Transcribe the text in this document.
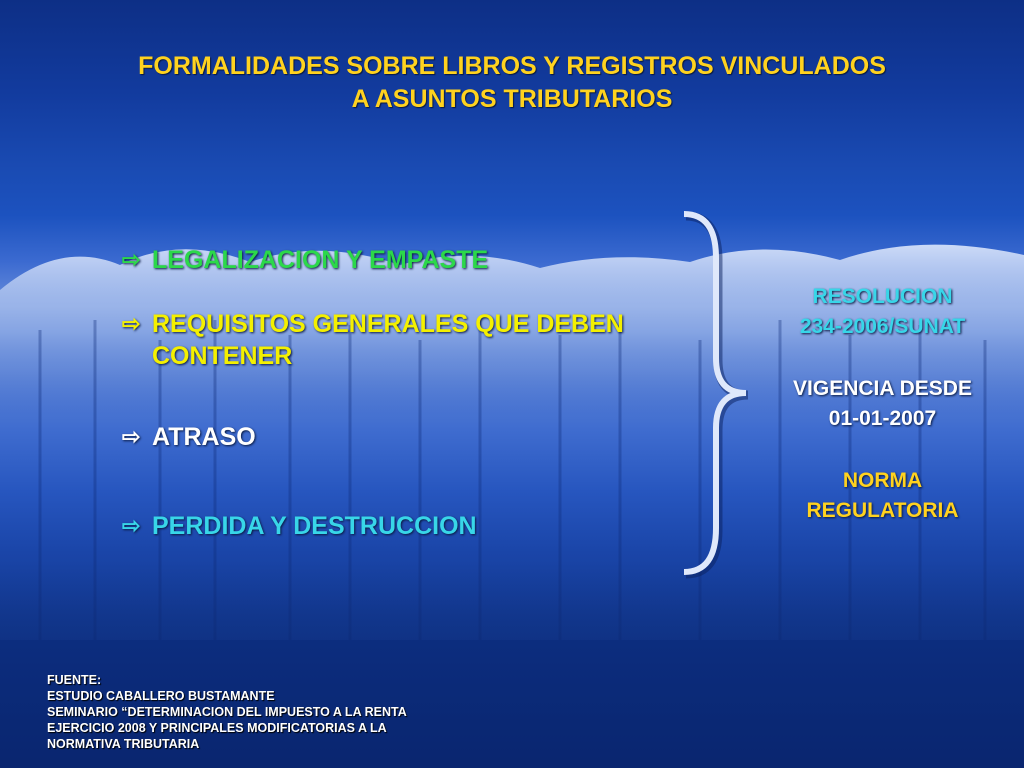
FORMALIDADES SOBRE LIBROS Y REGISTROS VINCULADOS
A ASUNTOS TRIBUTARIOS
⇨ LEGALIZACION Y EMPASTE
⇨ REQUISITOS GENERALES QUE DEBEN
CONTENER
⇨ ATRASO
⇨ PERDIDA Y DESTRUCCION
RESOLUCION
234-2006/SUNAT
VIGENCIA DESDE
01-01-2007
NORMA
REGULATORIA
FUENTE:
ESTUDIO CABALLERO BUSTAMANTE
SEMINARIO “DETERMINACION DEL IMPUESTO A LA RENTA
EJERCICIO 2008 Y PRINCIPALES MODIFICATORIAS A LA
NORMATIVA TRIBUTARIA
